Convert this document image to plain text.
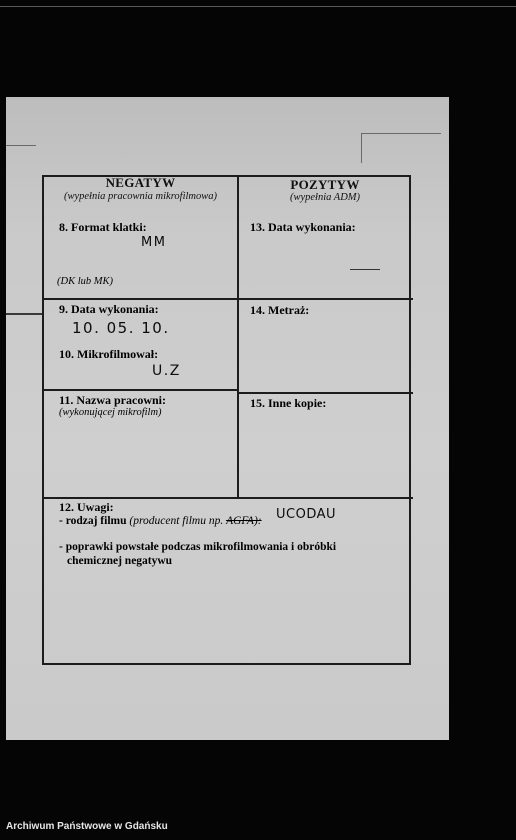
NEGATYW
(wypełnia pracownia mikrofilmowa)
POZYTYW
(wypełnia ADM)
8. Format klatki:
MM
(DK lub MK)
13. Data wykonania:
9. Data wykonania:
10. 05. 10.
14. Metraż:
10. Mikrofilmował:
U.Z
11. Nazwa pracowni:
(wykonującej mikrofilm)
15. Inne kopie:
12. Uwagi:
- rodzaj filmu (producent filmu np. AGFA): UCODAU
- poprawki powstałe podczas mikrofilmowania i obróbki
chemicznej negatywu
Archiwum Państwowe w Gdańsku
